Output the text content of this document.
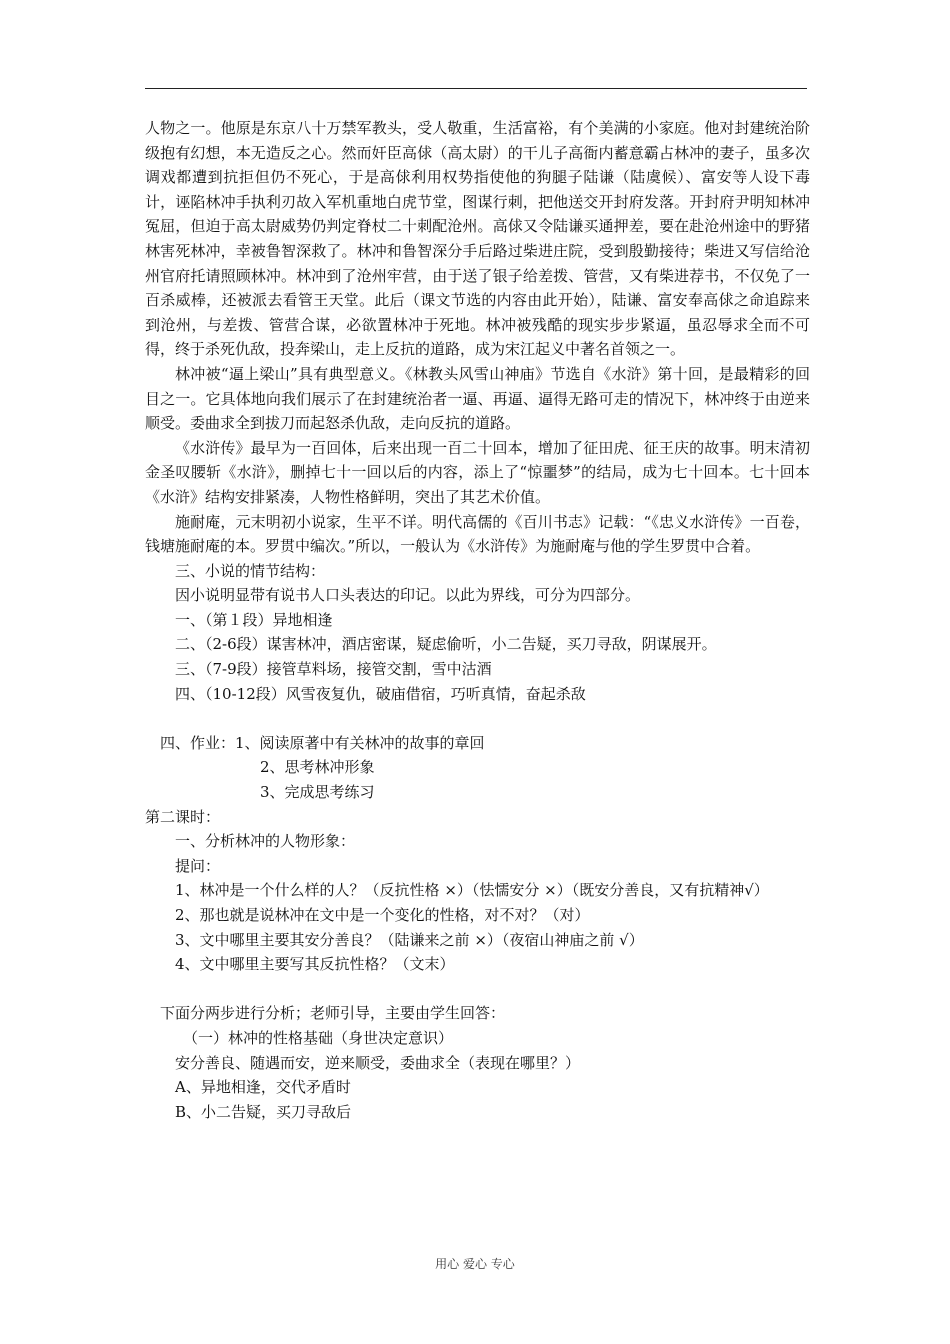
人物之一。他原是东京八十万禁军教头，受人敬重，生活富裕，有个美满的小家庭。他对封建统治阶级抱有幻想，本无造反之心。然而奸臣高俅（高太尉）的干儿子高衙内蓄意霸占林冲的妻子，虽多次调戏都遭到抗拒但仍不死心，于是高俅利用权势指使他的狗腿子陆谦（陆虞候）、富安等人设下毒计，诬陷林冲手执利刃故入军机重地白虎节堂，图谋行刺，把他送交开封府发落。开封府尹明知林冲冤屈，但迫于高太尉威势仍判定脊杖二十刺配沧州。高俅又令陆谦买通押差，要在赴沧州途中的野猪林害死林冲，幸被鲁智深救了。林冲和鲁智深分手后路过柴进庄院，受到殷勤接待；柴进又写信给沧州官府托请照顾林冲。林冲到了沧州牢营，由于送了银子给差拨、管营，又有柴进荐书，不仅免了一百杀威棒，还被派去看管王天堂。此后（课文节选的内容由此开始），陆谦、富安奉高俅之命追踪来到沧州，与差拨、管营合谋，必欲置林冲于死地。林冲被残酷的现实步步紧逼，虽忍辱求全而不可得，终于杀死仇敌，投奔梁山，走上反抗的道路，成为宋江起义中著名首领之一。

林冲被“逼上梁山”具有典型意义。《林教头风雪山神庙》节选自《水浒》第十回，是最精彩的回目之一。它具体地向我们展示了在封建统治者一逼、再逼、逼得无路可走的情况下，林冲终于由逆来顺受。委曲求全到拔刀而起怒杀仇敌，走向反抗的道路。

《水浒传》最早为一百回体，后来出现一百二十回本，增加了征田虎、征王庆的故事。明末清初金圣叹腰斩《水浒》，删掉七十一回以后的内容，添上了“惊噩梦”的结局，成为七十回本。七十回本《水浒》结构安排紧凑，人物性格鲜明，突出了其艺术价值。

施耐庵，元末明初小说家，生平不详。明代高儒的《百川书志》记载：“《忠义水浒传》一百卷，钱塘施耐庵的本。罗贯中编次。”所以，一般认为《水浒传》为施耐庵与他的学生罗贯中合着。

三、小说的情节结构：

因小说明显带有说书人口头表达的印记。以此为界线，可分为四部分。

一、（第１段）异地相逢

二、（2-6段）谋害林冲，酒店密谋，疑虑偷听，小二告疑，买刀寻敌，阴谋展开。

三、（7-9段）接管草料场，接管交割，雪中沽酒

四、（10-12段）风雪夜复仇，破庙借宿，巧听真情，奋起杀敌

四、作业：1、阅读原著中有关林冲的故事的章回

2、思考林冲形象

3、完成思考练习

第二课时：

一、分析林冲的人物形象：

提问：

1、林冲是一个什么样的人？（反抗性格 ×）（怯懦安分 ×）（既安分善良，又有抗精神√）

2、那也就是说林冲在文中是一个变化的性格，对不对？（对）

3、文中哪里主要其安分善良？（陆谦来之前 ×）（夜宿山神庙之前 √）

4、文中哪里主要写其反抗性格？（文末）

下面分两步进行分析；老师引导，主要由学生回答：

（一）林冲的性格基础（身世决定意识）

安分善良、随遇而安，逆来顺受，委曲求全（表现在哪里？）

A、异地相逢，交代矛盾时

B、小二告疑，买刀寻敌后

用心 爱心 专心
